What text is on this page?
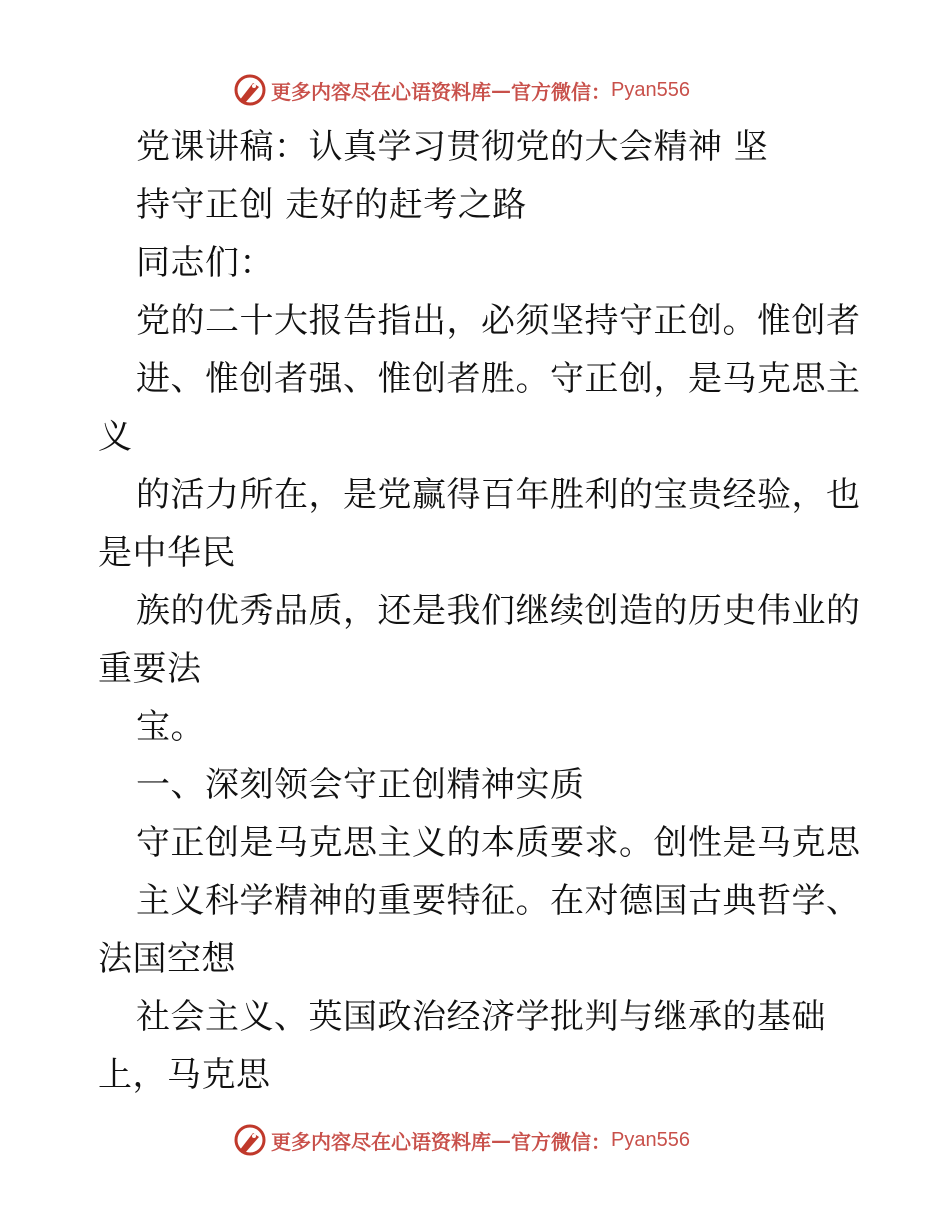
更多内容尽在心语资料库 — 官方微信： Pyan556
党课讲稿：认真学习贯彻党的大会精神 坚
持守正创 走好的赶考之路
同志们：
党的二十大报告指出，必须坚持守正创。惟创者
进、惟创者强、惟创者胜。守正创，是马克思主
义
的活力所在，是党赢得百年胜利的宝贵经验，也
是中华民
族的优秀品质，还是我们继续创造的历史伟业的
重要法
宝。
一、深刻领会守正创精神实质
守正创是马克思主义的本质要求。创性是马克思
主义科学精神的重要特征。在对德国古典哲学、
法国空想
社会主义、英国政治经济学批判与继承的基础
上，马克思
更多内容尽在心语资料库 — 官方微信： Pyan556
